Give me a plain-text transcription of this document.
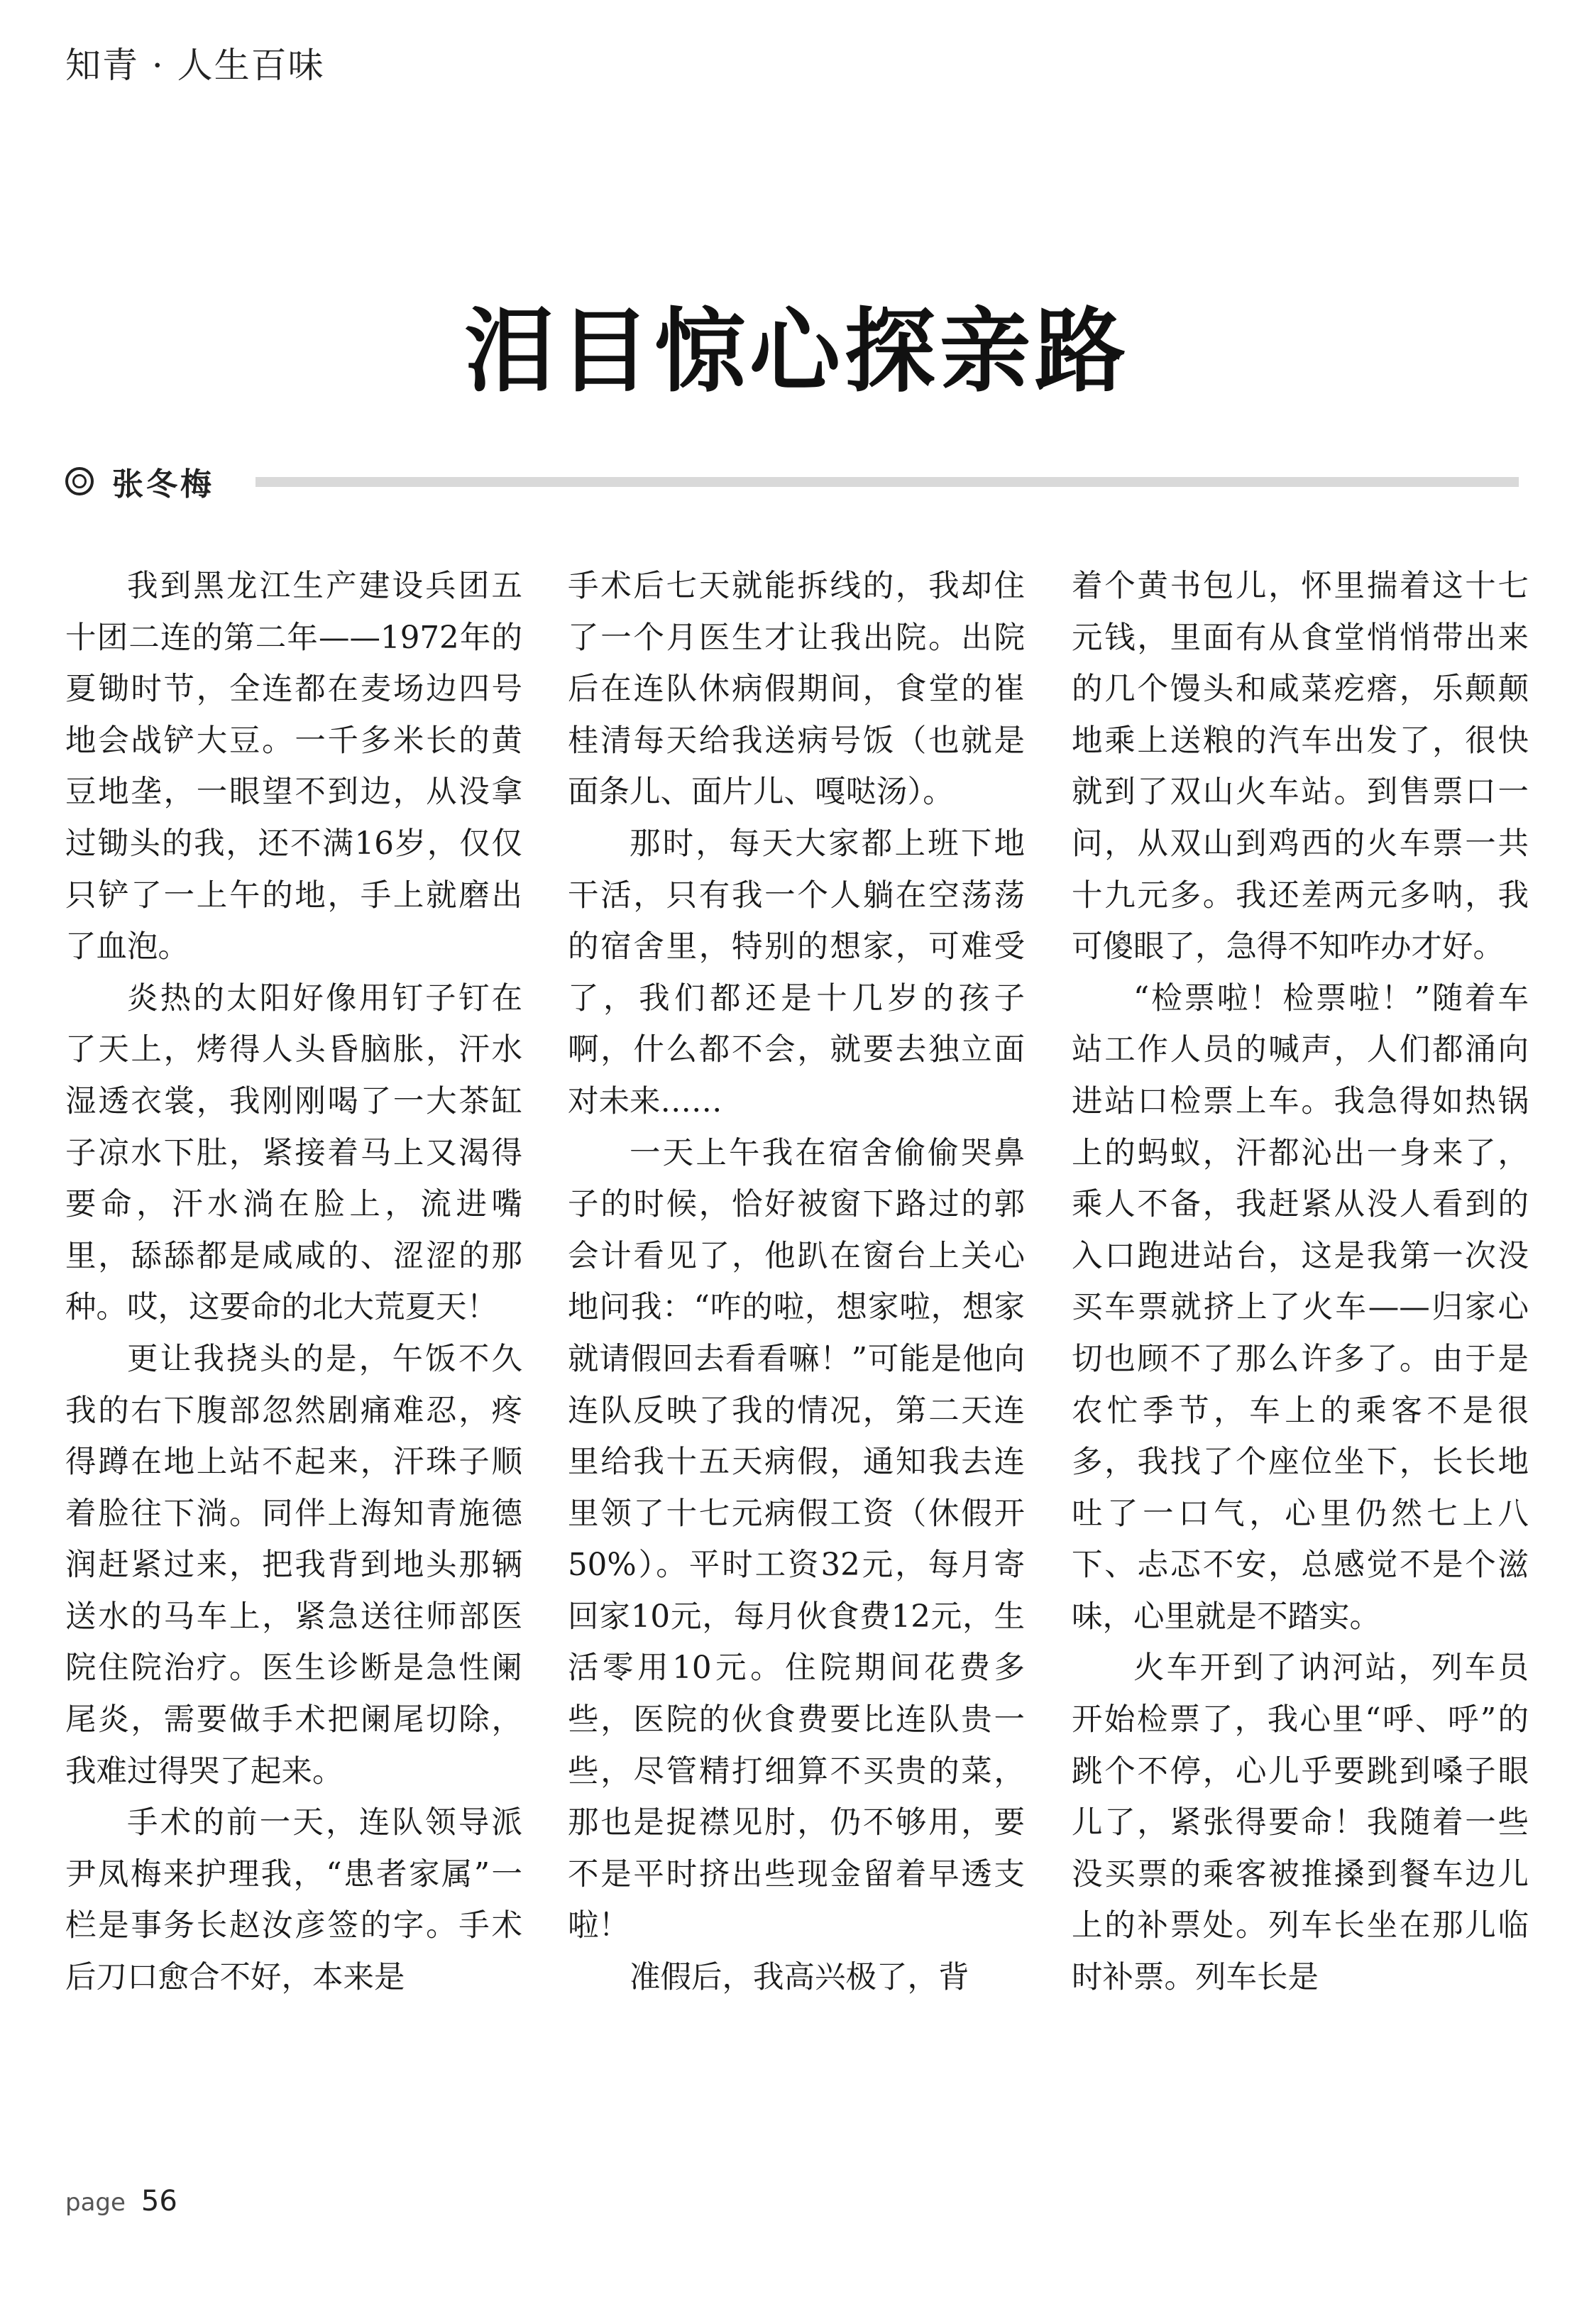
知青 · 人生百味
泪目惊心探亲路
张冬梅

我到黑龙江生产建设兵团五十团二连的第二年——1972年的夏锄时节，全连都在麦场边四号地会战铲大豆。一千多米长的黄豆地垄，一眼望不到边，从没拿过锄头的我，还不满16岁，仅仅只铲了一上午的地，手上就磨出了血泡。

炎热的太阳好像用钉子钉在了天上，烤得人头昏脑胀，汗水湿透衣裳，我刚刚喝了一大茶缸子凉水下肚，紧接着马上又渴得要命，汗水淌在脸上，流进嘴里，舔舔都是咸咸的、涩涩的那种。哎，这要命的北大荒夏天！

更让我挠头的是，午饭不久我的右下腹部忽然剧痛难忍，疼得蹲在地上站不起来，汗珠子顺着脸往下淌。同伴上海知青施德润赶紧过来，把我背到地头那辆送水的马车上，紧急送往师部医院住院治疗。医生诊断是急性阑尾炎，需要做手术把阑尾切除，我难过得哭了起来。

手术的前一天，连队领导派尹凤梅来护理我，“患者家属”一栏是事务长赵汝彦签的字。手术后刀口愈合不好，本来是

手术后七天就能拆线的，我却住了一个月医生才让我出院。出院后在连队休病假期间，食堂的崔桂清每天给我送病号饭（也就是面条儿、面片儿、嘎哒汤）。

那时，每天大家都上班下地干活，只有我一个人躺在空荡荡的宿舍里，特别的想家，可难受了，我们都还是十几岁的孩子啊，什么都不会，就要去独立面对未来……

一天上午我在宿舍偷偷哭鼻子的时候，恰好被窗下路过的郭会计看见了，他趴在窗台上关心地问我：“咋的啦，想家啦，想家就请假回去看看嘛！”可能是他向连队反映了我的情况，第二天连里给我十五天病假，通知我去连里领了十七元病假工资（休假开50%）。平时工资32元，每月寄回家10元，每月伙食费12元，生活零用10元。住院期间花费多些，医院的伙食费要比连队贵一些，尽管精打细算不买贵的菜，那也是捉襟见肘，仍不够用，要不是平时挤出些现金留着早透支啦！

准假后，我高兴极了，背

着个黄书包儿，怀里揣着这十七元钱，里面有从食堂悄悄带出来的几个馒头和咸菜疙瘩，乐颠颠地乘上送粮的汽车出发了，很快就到了双山火车站。到售票口一问，从双山到鸡西的火车票一共十九元多。我还差两元多呐，我可傻眼了，急得不知咋办才好。

“检票啦！检票啦！”随着车站工作人员的喊声，人们都涌向进站口检票上车。我急得如热锅上的蚂蚁，汗都沁出一身来了，乘人不备，我赶紧从没人看到的入口跑进站台，这是我第一次没买车票就挤上了火车——归家心切也顾不了那么许多了。由于是农忙季节，车上的乘客不是很多，我找了个座位坐下，长长地吐了一口气，心里仍然七上八下、忐忑不安，总感觉不是个滋味，心里就是不踏实。

火车开到了讷河站，列车员开始检票了，我心里“呼、呼”的跳个不停，心儿乎要跳到嗓子眼儿了，紧张得要命！我随着一些没买票的乘客被推搡到餐车边儿上的补票处。列车长坐在那儿临时补票。列车长是

page 56
